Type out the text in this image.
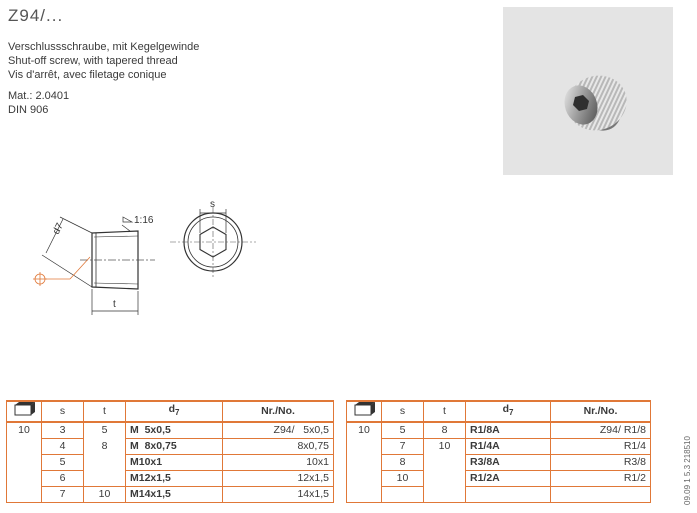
Z94/...
Verschlussschraube, mit Kegelgewinde
Shut-off screw, with tapered thread
Vis d'arrêt, avec filetage conique
Mat.: 2.0401
DIN 906
d7
1:16
t
s
	s	t	$d_7$	Nr./No.
10	3	5	M  5x0,5	Z94/   5x0,5
	4	8	M  8x0,75	8x0,75
	5		M10x1	10x1
	6		M12x1,5	12x1,5
	7	10	M14x1,5	14x1,5
	s	t	$d_7$	Nr./No.
10	5	8	R1/8A	Z94/ R1/8
	7	10	R1/4A	R1/4
	8		R3/8A	R3/8
	10		R1/2A	R1/2
					09.09 1 5.3 218510
